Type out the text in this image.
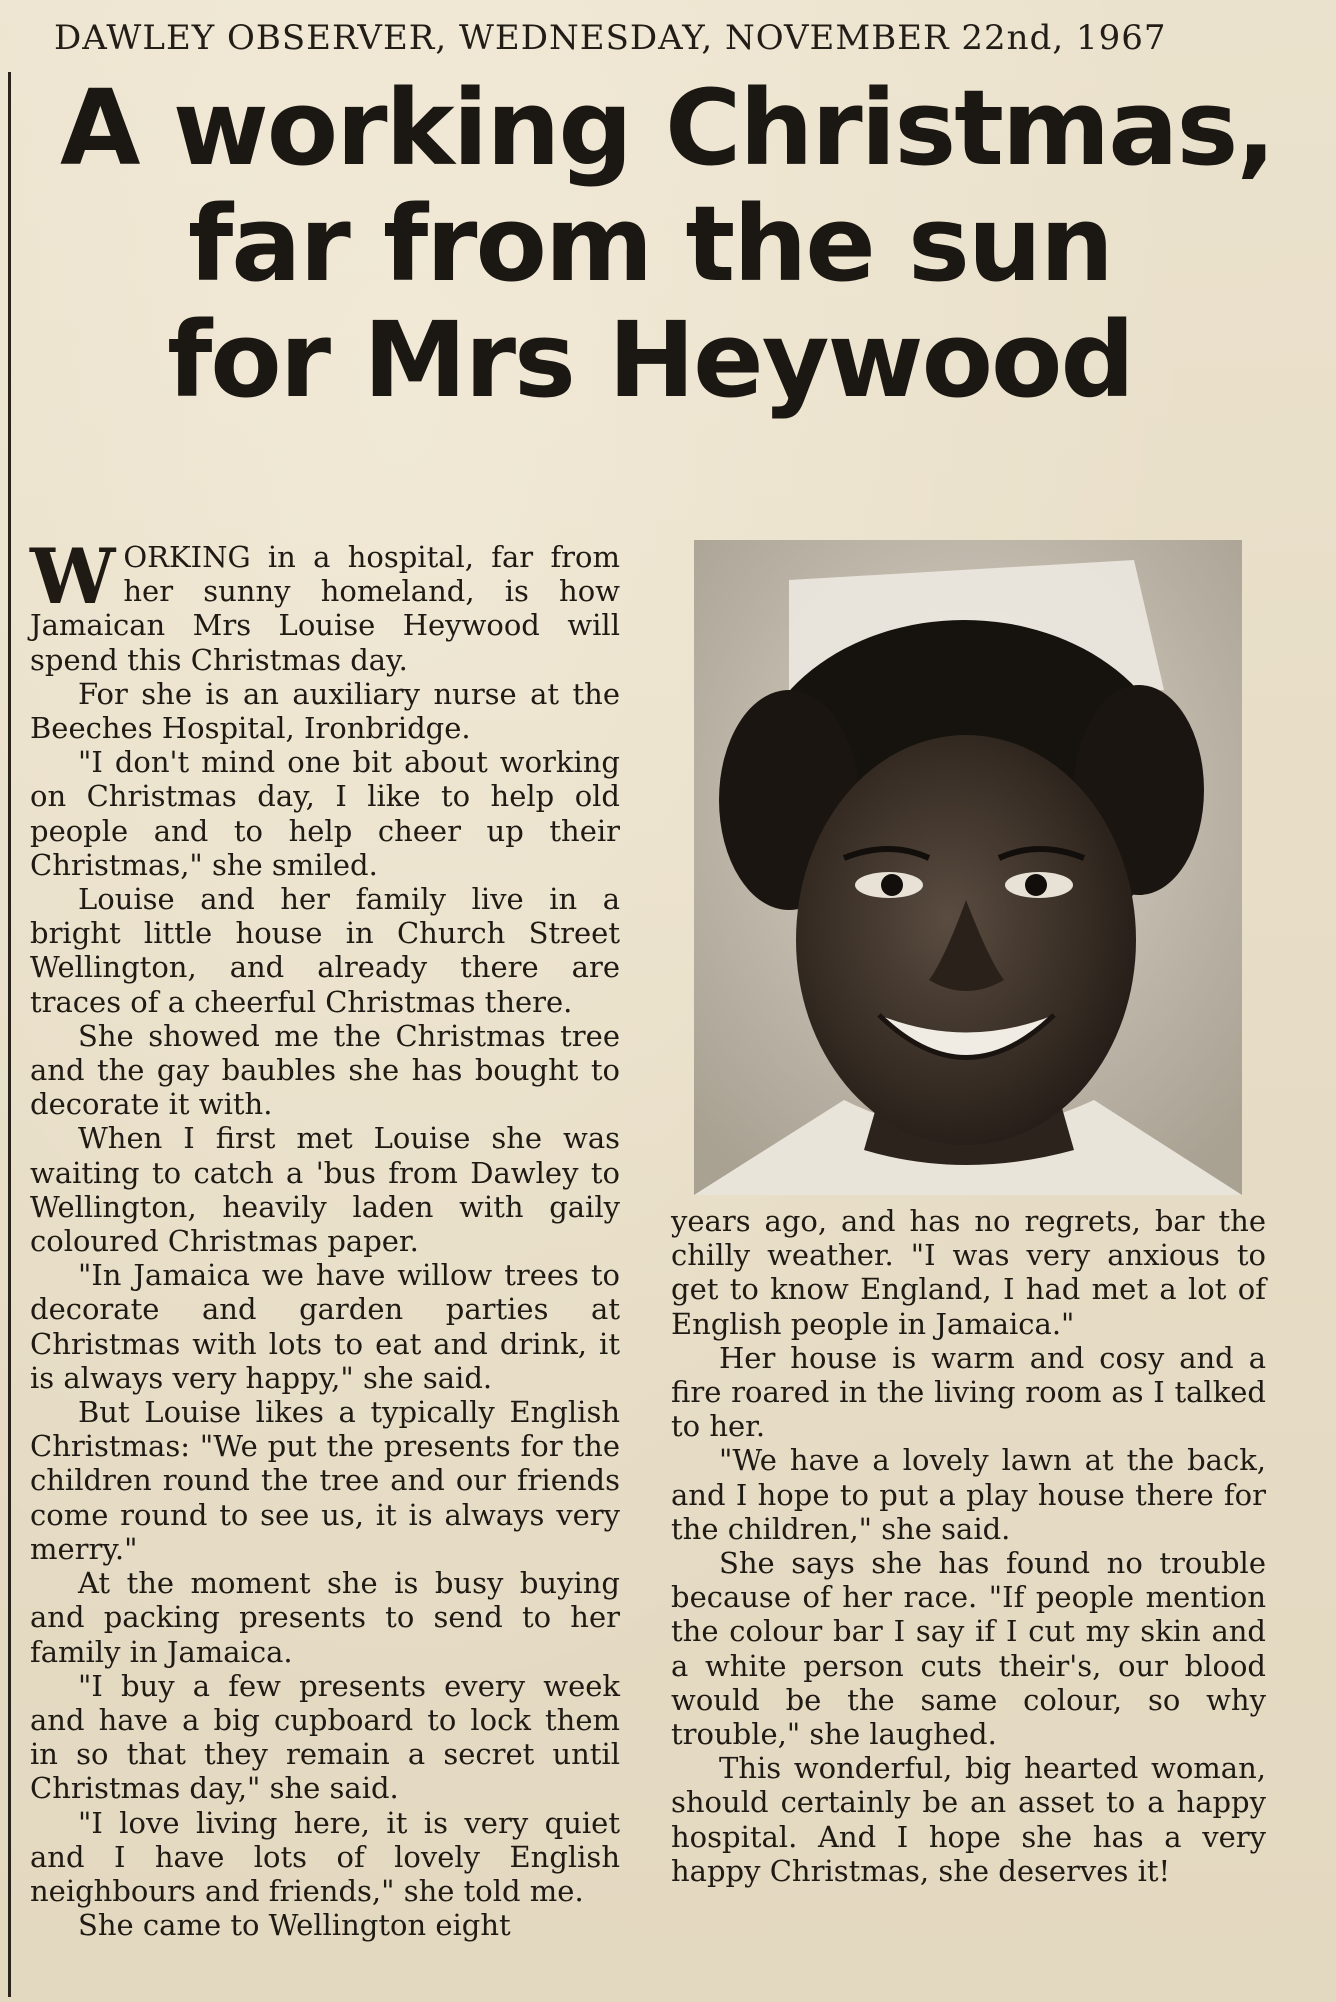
DAWLEY OBSERVER, WEDNESDAY, NOVEMBER 22nd, 1967
A working Christmas,
far from the sun
for Mrs Heywood

WORKING in a hospital, far from her sunny homeland, is how Jamaican Mrs Louise Heywood will spend this Christmas day.

For she is an auxiliary nurse at the Beeches Hospital, Ironbridge.

"I don't mind one bit about working on Christmas day, I like to help old people and to help cheer up their Christmas," she smiled.

Louise and her family live in a bright little house in Church Street Wellington, and already there are traces of a cheerful Christmas there.

She showed me the Christmas tree and the gay baubles she has bought to decorate it with.

When I first met Louise she was waiting to catch a 'bus from Dawley to Wellington, heavily laden with gaily coloured Christmas paper.

"In Jamaica we have willow trees to decorate and garden parties at Christmas with lots to eat and drink, it is always very happy," she said.

But Louise likes a typically English Christmas: "We put the presents for the children round the tree and our friends come round to see us, it is always very merry."

At the moment she is busy buying and packing presents to send to her family in Jamaica.

"I buy a few presents every week and have a big cupboard to lock them in so that they remain a secret until Christmas day," she said.

"I love living here, it is very quiet and I have lots of lovely English neighbours and friends," she told me.

She came to Wellington eight

years ago, and has no regrets, bar the chilly weather. "I was very anxious to get to know England, I had met a lot of English people in Jamaica."

Her house is warm and cosy and a fire roared in the living room as I talked to her.

"We have a lovely lawn at the back, and I hope to put a play house there for the children," she said.

She says she has found no trouble because of her race. "If people mention the colour bar I say if I cut my skin and a white person cuts their's, our blood would be the same colour, so why trouble," she laughed.

This wonderful, big hearted woman, should certainly be an asset to a happy hospital. And I hope she has a very happy Christmas, she deserves it!
